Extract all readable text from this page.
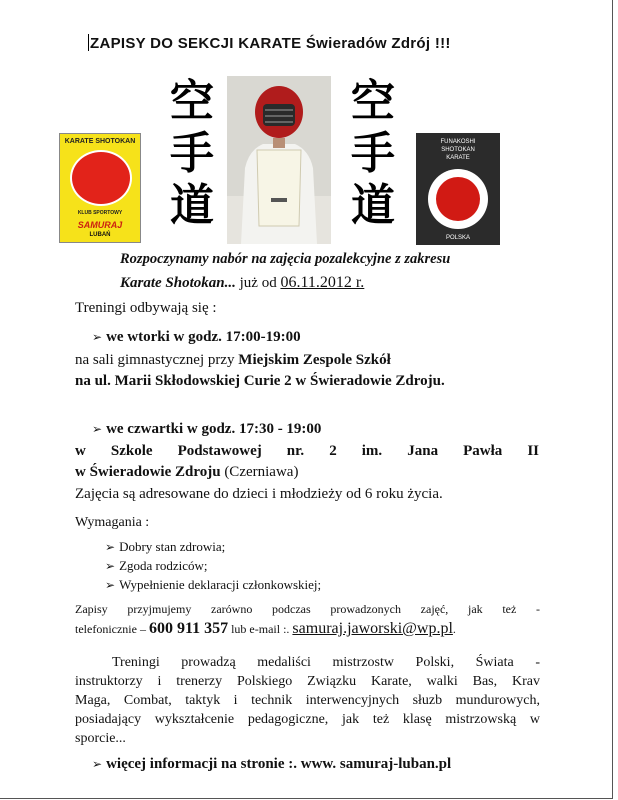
ZAPISY DO SEKCJI KARATE Świeradów Zdrój !!!
KARATE SHOTOKAN
KLUB SPORTOWY
SAMURAJ
LUBAŃ
空
手
道
空
手
道
FUNAKOSHI
SHOTOKAN
KARATE
POLSKA
Rozpoczynamy nabór na zajęcia pozalekcyjne z zakresu
Karate Shotokan... już od 06.11.2012 r.
Treningi odbywają się :
➢ we wtorki w godz. 17:00-19:00
na sali gimnastycznej przy Miejskim Zespole Szkół
na ul. Marii Skłodowskiej Curie 2 w Świeradowie Zdroju.
➢ we czwartki w godz. 17:30 - 19:00
w Szkole Podstawowej nr. 2 im. Jana Pawła II
w Świeradowie Zdroju (Czerniawa)
Zajęcia są adresowane do dzieci i młodzieży od 6 roku życia.
Wymagania :
➢ Dobry stan zdrowia;
➢ Zgoda rodziców;
➢ Wypełnienie deklaracji członkowskiej;
Zapisy przyjmujemy zarówno podczas prowadzonych zajęć, jak też -
telefonicznie – 600 911 357 lub e-mail :. samuraj.jaworski@wp.pl.
Treningi prowadzą medaliści mistrzostw Polski, Świata -
instruktorzy i trenerzy Polskiego Związku Karate, walki Bas, Krav
Maga, Combat, taktyk i technik interwencyjnych słuzb mundurowych,
posiadający wykształcenie pedagogiczne, jak też klasę mistrzowską w
sporcie...
➢ więcej informacji na stronie :. www. samuraj-luban.pl
